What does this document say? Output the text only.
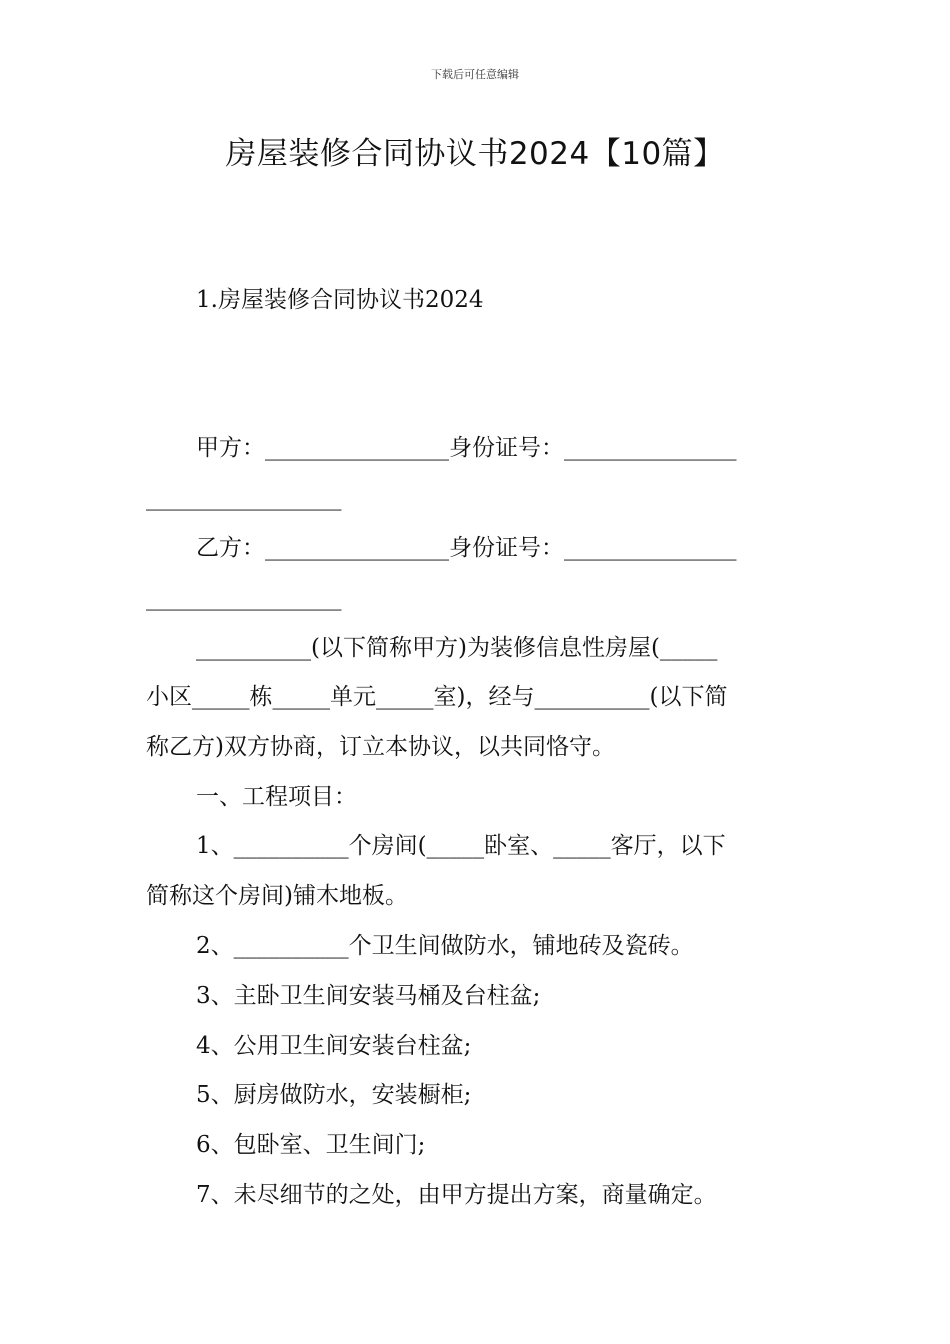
下载后可任意编辑
房屋装修合同协议书2024【10篇】
1.房屋装修合同协议书2024
甲方：________________身份证号：_______________
_________________
乙方：________________身份证号：_______________
_________________
__________(以下简称甲方)为装修信息性房屋(_____
小区_____栋_____单元_____室)，经与__________(以下简
称乙方)双方协商，订立本协议，以共同恪守。
一、工程项目：
1、__________个房间(_____卧室、_____客厅，以下
简称这个房间)铺木地板。
2、__________个卫生间做防水，铺地砖及瓷砖。
3、主卧卫生间安装马桶及台柱盆;
4、公用卫生间安装台柱盆;
5、厨房做防水，安装橱柜;
6、包卧室、卫生间门;
7、未尽细节的之处，由甲方提出方案，商量确定。
